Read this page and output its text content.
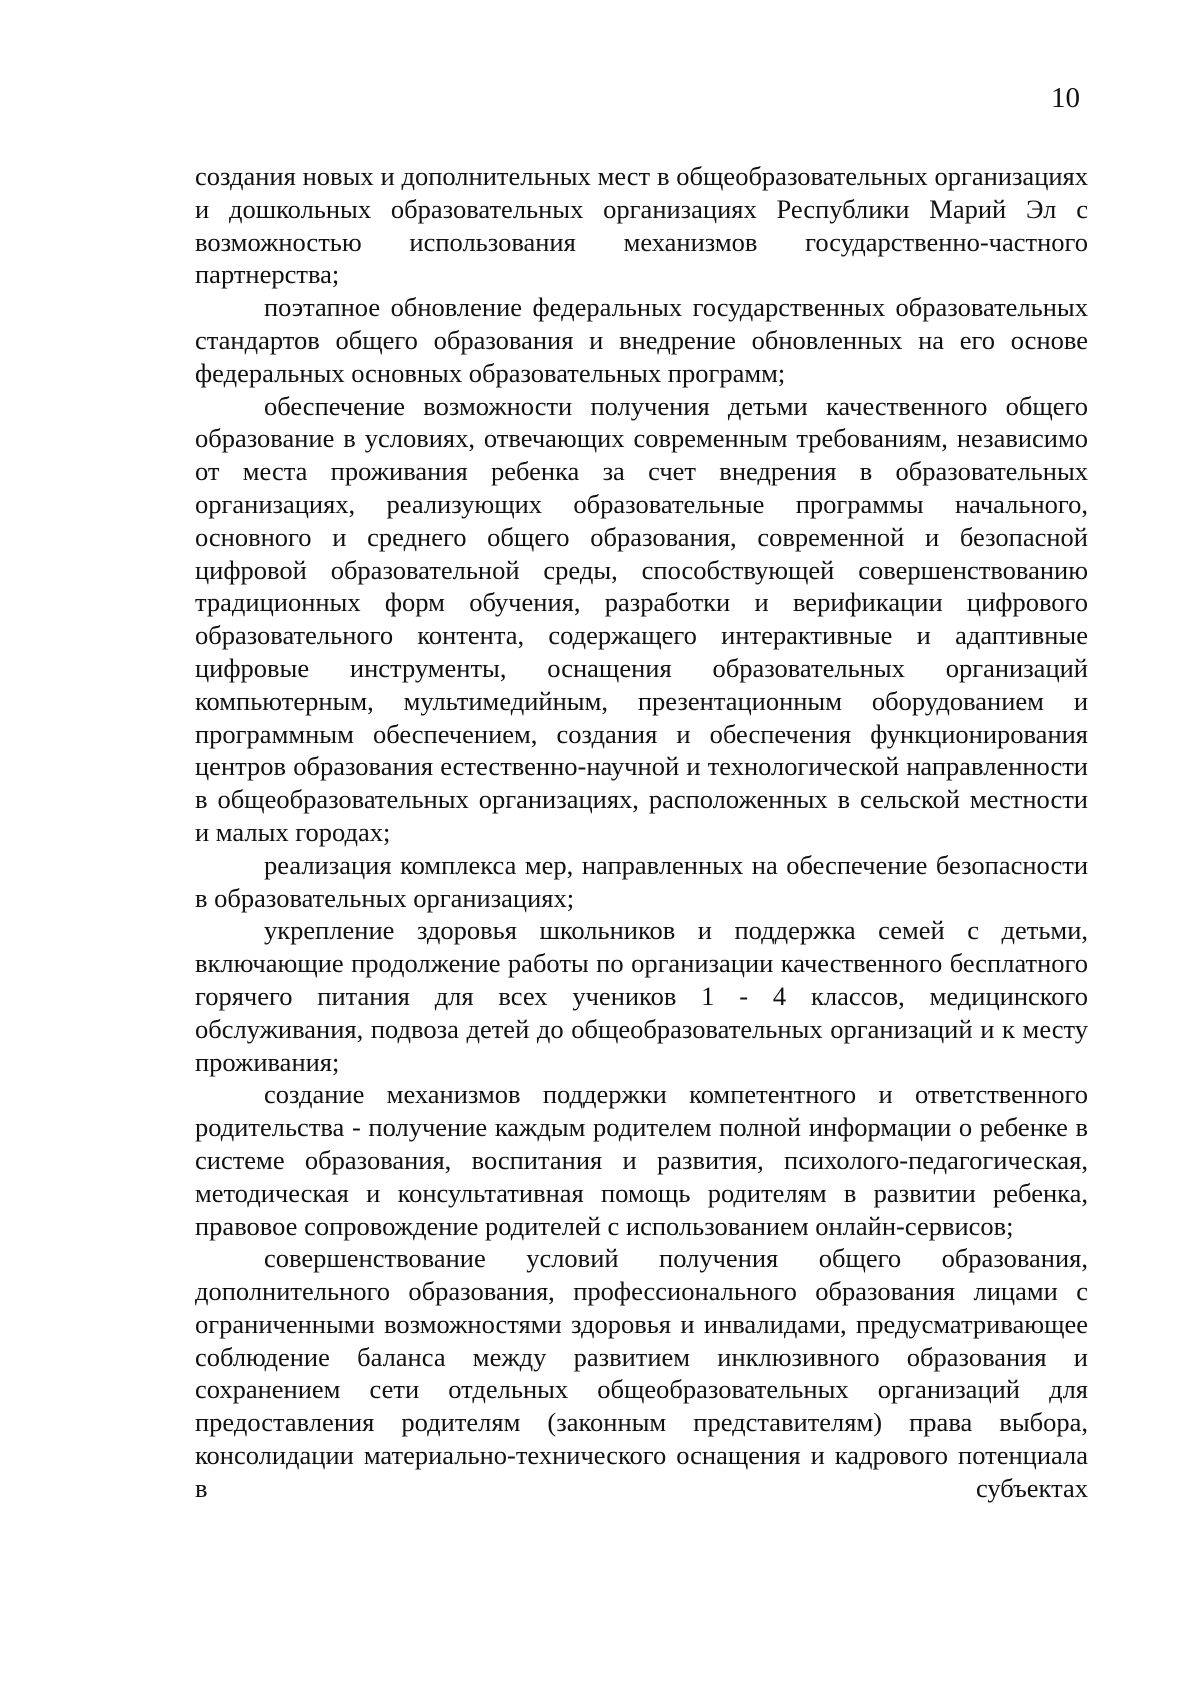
10

создания новых и дополнительных мест в общеобразовательных организациях и дошкольных образовательных организациях Республики Марий Эл с возможностью использования механизмов государственно-частного партнерства;

поэтапное обновление федеральных государственных образовательных стандартов общего образования и внедрение обновленных на его основе федеральных основных образовательных программ;

обеспечение возможности получения детьми качественного общего образование в условиях, отвечающих современным требованиям, независимо от места проживания ребенка за счет внедрения в образовательных организациях, реализующих образовательные программы начального, основного и среднего общего образования, современной и безопасной цифровой образовательной среды, способствующей совершенствованию традиционных форм обучения, разработки и верификации цифрового образовательного контента, содержащего интерактивные и адаптивные цифровые инструменты, оснащения образовательных организаций компьютерным, мультимедийным, презентационным оборудованием и программным обеспечением, создания и обеспечения функционирования центров образования естественно-научной и технологической направленности в общеобразовательных организациях, расположенных в сельской местности и малых городах;

реализация комплекса мер, направленных на обеспечение безопасности в образовательных организациях;

укрепление здоровья школьников и поддержка семей с детьми, включающие продолжение работы по организации качественного бесплатного горячего питания для всех учеников 1 - 4 классов, медицинского обслуживания, подвоза детей до общеобразовательных организаций и к месту проживания;

создание механизмов поддержки компетентного и ответственного родительства - получение каждым родителем полной информации о ребенке в системе образования, воспитания и развития, психолого-педагогическая, методическая и консультативная помощь родителям в развитии ребенка, правовое сопровождение родителей с использованием онлайн-сервисов;

совершенствование условий получения общего образования, дополнительного образования, профессионального образования лицами с ограниченными возможностями здоровья и инвалидами, предусматривающее соблюдение баланса между развитием инклюзивного образования и сохранением сети отдельных общеобразовательных организаций для предоставления родителям (законным представителям) права выбора, консолидации материально-технического оснащения и кадрового потенциала в субъектах
